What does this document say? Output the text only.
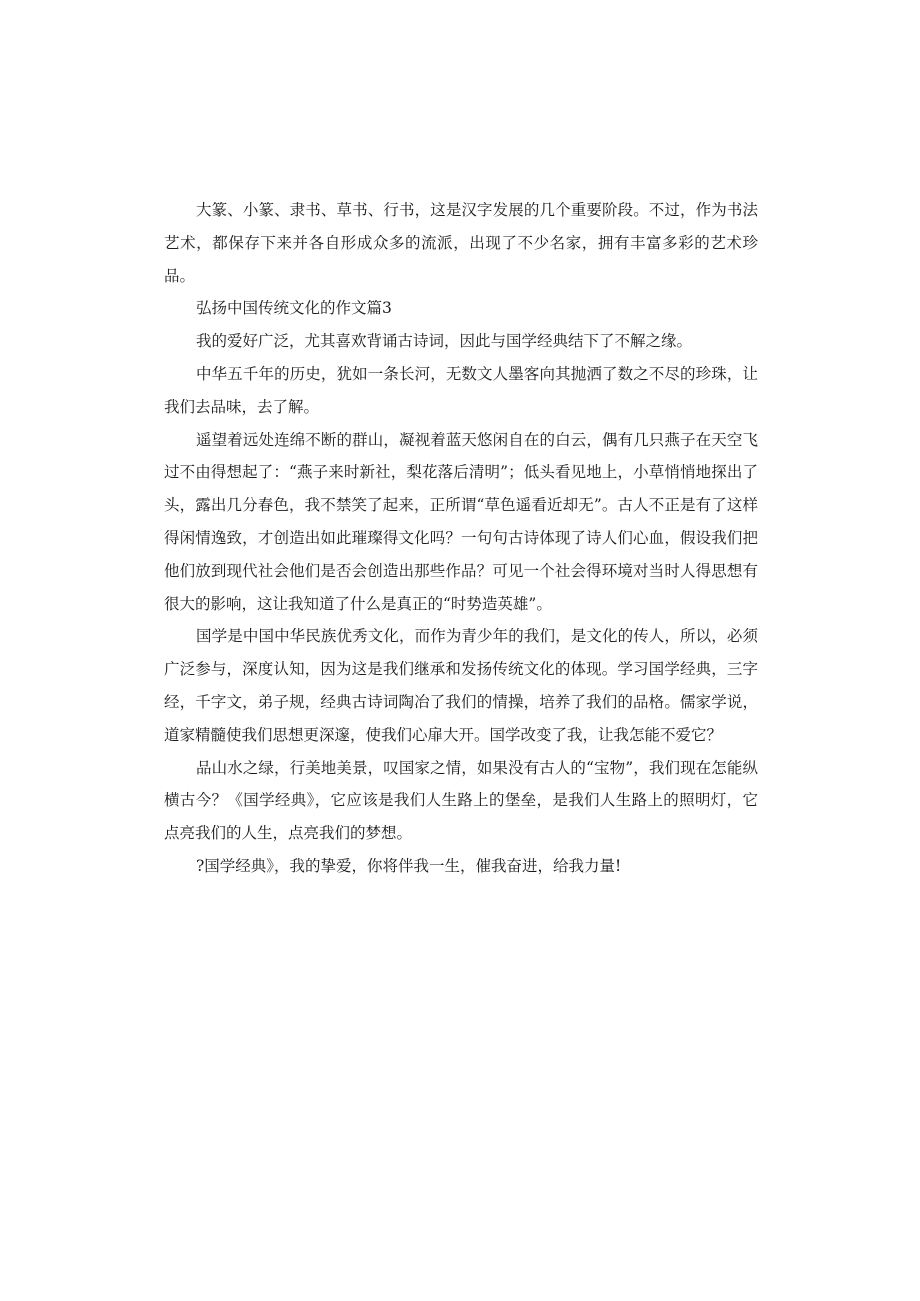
大篆、小篆、隶书、草书、行书，这是汉字发展的几个重要阶段。不过，作为书法艺术，都保存下来并各自形成众多的流派，出现了不少名家，拥有丰富多彩的艺术珍品。

弘扬中国传统文化的作文篇3

我的爱好广泛，尤其喜欢背诵古诗词，因此与国学经典结下了不解之缘。

中华五千年的历史，犹如一条长河，无数文人墨客向其抛洒了数之不尽的珍珠，让我们去品味，去了解。

遥望着远处连绵不断的群山，凝视着蓝天悠闲自在的白云，偶有几只燕子在天空飞过不由得想起了：“燕子来时新社，梨花落后清明”；低头看见地上，小草悄悄地探出了头，露出几分春色，我不禁笑了起来，正所谓“草色遥看近却无”。古人不正是有了这样得闲情逸致，才创造出如此璀璨得文化吗？一句句古诗体现了诗人们心血，假设我们把他们放到现代社会他们是否会创造出那些作品？可见一个社会得环境对当时人得思想有很大的影响，这让我知道了什么是真正的“时势造英雄”。

国学是中国中华民族优秀文化，而作为青少年的我们，是文化的传人，所以，必须广泛参与，深度认知，因为这是我们继承和发扬传统文化的体现。学习国学经典，三字经，千字文，弟子规，经典古诗词陶冶了我们的情操，培养了我们的品格。儒家学说，道家精髓使我们思想更深邃，使我们心扉大开。国学改变了我，让我怎能不爱它？

品山水之绿，行美地美景，叹国家之情，如果没有古人的“宝物”，我们现在怎能纵横古今？《国学经典》，它应该是我们人生路上的堡垒，是我们人生路上的照明灯，它点亮我们的人生，点亮我们的梦想。

?国学经典》，我的挚爱，你将伴我一生，催我奋进，给我力量!
